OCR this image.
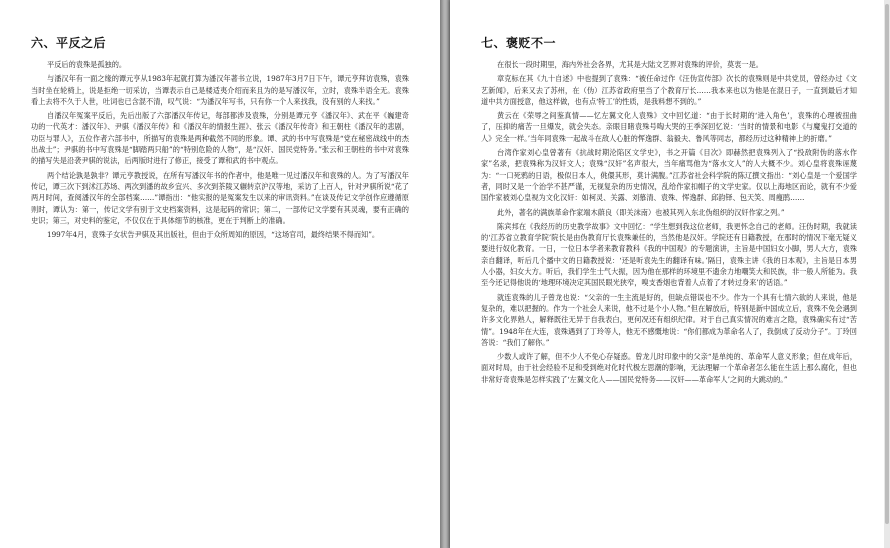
六、平反之后

平反后的袁殊是孤独的。

与潘汉年有一面之缘的谭元亨从1983年起就打算为潘汉年著书立说，1987年3月7日下午，谭元亨拜访袁殊，袁殊当时坐在轮椅上，说是拒绝一切采访，当谭表示自己是楼适夷介绍而来且为的是写潘汉年，立时，袁殊半语全无。袁殊看上去将不久于人世，吐词也已含混不清，叹气说：“为潘汉年写书，只有你一个人来找我，没有别的人来找。”

自潘汉年冤案平反后，先后出版了六部潘汉年传记，每部都涉及袁殊，分别是谭元亨《潘汉年》、武在平《巍建奇功的一代英才：潘汉年》、尹骐《潘汉年传》和《潘汉年的情报生涯》、张云《潘汉年传奇》和王朝柱《潘汉年的悲剧，功臣与罪人》，五位作者六部书中，所描写的袁殊是两种截然不同的形象。谭、武的书中写袁殊是“党在秘密战线中的杰出战士”；尹骐的书中写袁殊是“脚踏两只船”的“特别危险的人物”，是“汉奸、国民党特务。”张云和王朝柱的书中对袁殊的描写失是沿袭尹骐的说法，后两版时进行了修正，接受了谭和武的书中观点。

两个结论孰是孰非？谭元亨教授说，在所有写潘汉年书的作者中，他是唯一见过潘汉年和袁殊的人。为了写潘汉年传记，谭三次下到沭江苏场、两次到潘的故乡宜兴、多次到茶陵又辗转京沪汉等地，采访了上百人，针对尹骐所说“花了两月时间，查阅潘汉年的全部档案……”谭指出：“他实报的是冤案发生以来的审讯资料。”在谈及传记文学创作应遵循原则时，谭认为：第一，传记文学有别于文史档案资料，这是起码的常识；第二，一部传记文学要有其灵魂，要有正确的史识；第三，对史料的鉴定，不仅仅在于具体细节的核准，更在于判断上的准确。

1997年4月，袁殊子女状告尹骐及其出版社，但由于众所周知的原因，“这场官司，最终结果不得而知”。

七、褒贬不一

在很长一段时期里，海内外社会各界，尤其是大陆文艺界对袁殊的评价，莫衷一是。

章克标在其《九十自述》中也提到了袁殊：“被任命过作《汪伪宣传部》次长的袁殊则是中共党员，曾经办过《文艺新闻》，后来又去了苏州，在（伪）江苏省政府里当了个教育厅长……我本来也以为他是在混日子，一直到最后才知道中共方面授意，他这样做，也有点‘特工’的性质，是我料想不到的。”

黄云在《荣辱之间鉴真情——忆左翼文化人袁殊》文中回忆道：“由于长时期的‘进入角色’，袁殊的心理被扭曲了，压抑的痛苦一旦爆发，就会失态。亲眼目睹袁殊号啕大哭的王季深回忆说：‘当时的情景和电影《与魔鬼打交道的人》完全一样。’当年同袁殊一起战斗在敌人心脏的恽逸群、翁毅夫、鲁风等同志，都经历过这种精神上的折磨。”

台湾作家刘心皇曾著有《抗战时期沦陷区文学史》，书之开篇《目次》即赫然把袁殊列入了“投敌附伪的落水作家”名录，把袁殊称为汉奸文人；袁殊“汉奸”名声很大，当年痛骂他为“落水文人”的人大概不少。刘心皇将袁殊诬蔑为：“一口死鸦的日语，极似日本人，佻儇其形，莫计满腹。”江苏省社会科学院的陈辽撰文指出：“刘心皇是一个爱国学者，同时又是一个治学不甚严谨，无视复杂的历史情况，乱给作家扣帽子的文学史家。仅以上海地区而论，就有不少爱国作家被刘心皇视为文化汉奸：如柯灵、关露、刘慕清、袁殊、恽逸群、邱韵铎、包天笑、周瘦鹃……

此外，著名的满族革命作家端木蕻良（即关沫南）也被其列入东北伪组织的汉奸作家之列。”

陈宾邦在《我经历的历史教学故事》文中回忆：“学生想到我这位老师，我更怀念自己的老师。汪伪时期，我就读的‘江苏省立教育学院’院长是由伪教育厅长袁殊兼任的，当然他是汉奸。学院还有日籍教授，在那时的情况下毫无疑义要进行奴化教育。一日，一位日本学者来教育教科《我的中国观》的专题演讲，主旨是中国妇女小脚，男人大方，袁殊亲自翻译，听后几个播中文的日籍教授说：‘还是听袁先生的翻译有味。’隔日，袁殊主讲《我的日本观》，主旨是日本男人小器，妇女大方。听后，我们学生士气大振，因为他在那样的环境里不遗余力地嘲笑大和民族，非一般人所能为。我至今还记得他说的‘地理环境决定其国民眼光狭窄，嗅支香烟也背着人点着了才转过身来’的话语。”

就连袁殊的儿子曾龙也说：“父亲的一生主流是好的，但缺点错误也不少。作为一个具有七情六欲的人来说，他是复杂的，难以把握的。作为一个社会人来说，他不过是个小人物。”但在解放后，特别是新中国成立后，袁殊不免会遇到许多文化界熟人，解释既往无异于自我表白，更何况还有组织纪律。对于自己真实情况的难言之隐，袁殊确实有过“苦情”。1948年在大连，袁殊遇到了丁玲等人，他无不感慨地说：“你们都成为革命名人了，我倒成了反动分子”。丁玲回答说：“我们了解你。”

少数人或许了解，但不少人不免心存疑惑。曾龙儿时印象中的父亲“是单纯的、革命军人意义形象；但在成年后，面对时局，由于社会经验不足和受到绝对化时代极左思潮的影响，无法理解一个革命者怎么能在生活上那么腐化，但也非常好奇袁殊是怎样实践了‘左翼文化人——国民党特务——汉奸——革命军人’之间的大跳动的。”
